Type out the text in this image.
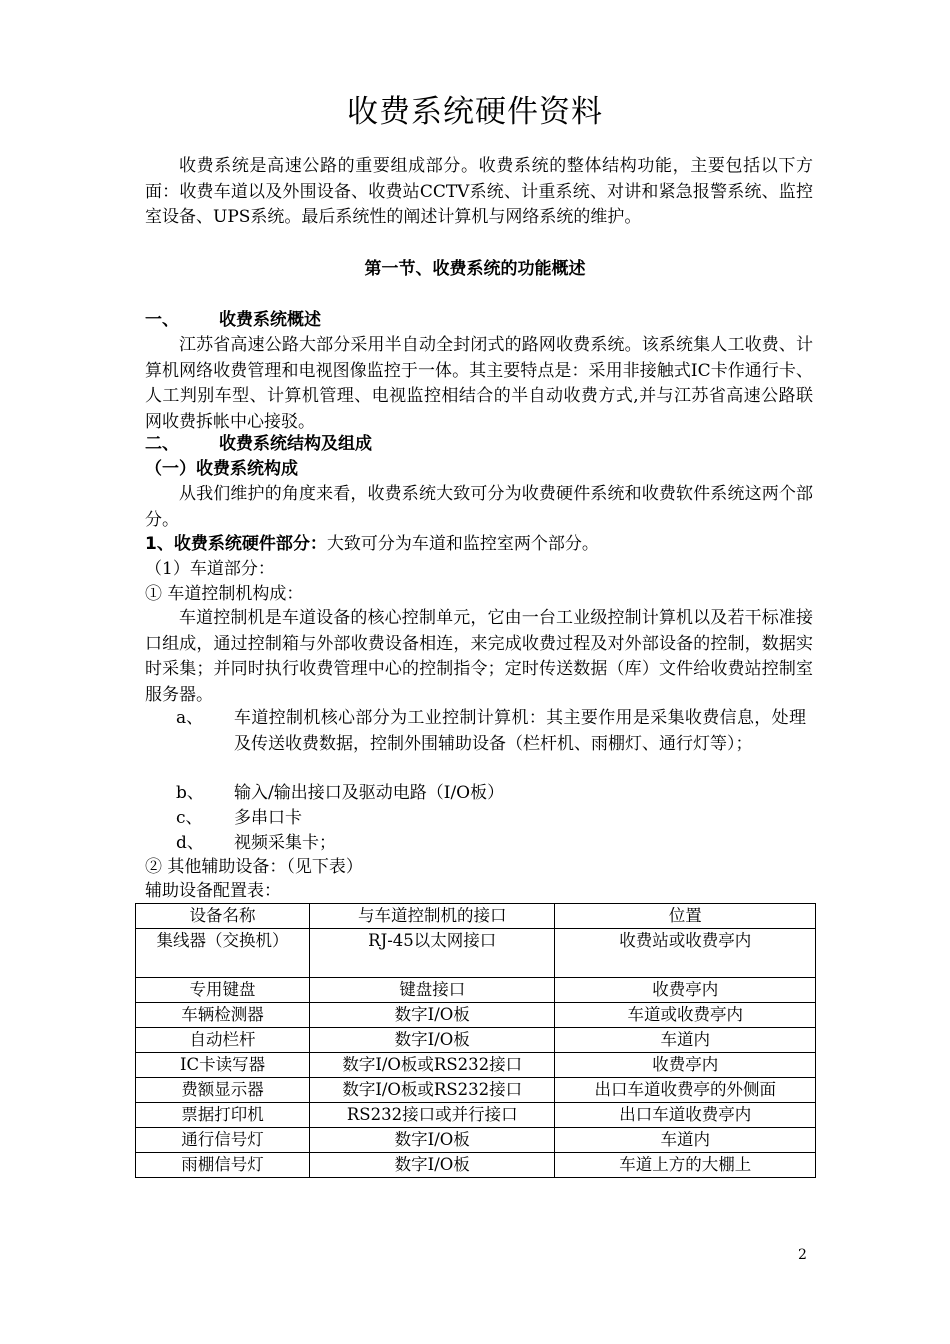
收费系统硬件资料

收费系统是高速公路的重要组成部分。收费系统的整体结构功能，主要包括以下方面：收费车道以及外围设备、收费站CCTV系统、计重系统、对讲和紧急报警系统、监控室设备、UPS系统。最后系统性的阐述计算机与网络系统的维护。

第一节、收费系统的功能概述

一、 收费系统概述

江苏省高速公路大部分采用半自动全封闭式的路网收费系统。该系统集人工收费、计算机网络收费管理和电视图像监控于一体。其主要特点是：采用非接触式IC卡作通行卡、人工判别车型、计算机管理、电视监控相结合的半自动收费方式,并与江苏省高速公路联网收费拆帐中心接驳。

二、 收费系统结构及组成

（一）收费系统构成

从我们维护的角度来看，收费系统大致可分为收费硬件系统和收费软件系统这两个部分。

1、收费系统硬件部分：大致可分为车道和监控室两个部分。

（1）车道部分：

① 车道控制机构成：

车道控制机是车道设备的核心控制单元，它由一台工业级控制计算机以及若干标准接口组成，通过控制箱与外部收费设备相连，来完成收费过程及对外部设备的控制，数据实时采集；并同时执行收费管理中心的控制指令；定时传送数据（库）文件给收费站控制室服务器。

a、 车道控制机核心部分为工业控制计算机：其主要作用是采集收费信息，处理及传送收费数据，控制外围辅助设备（栏杆机、雨棚灯、通行灯等）；

b、 输入/输出接口及驱动电路（I/O板）

c、 多串口卡

d、 视频采集卡；

② 其他辅助设备：（见下表）

辅助设备配置表：

设备名称	与车道控制机的接口	位置
集线器（交换机）	RJ-45以太网接口	收费站或收费亭内
专用键盘	键盘接口	收费亭内
车辆检测器	数字I/O板	车道或收费亭内
自动栏杆	数字I/O板	车道内
IC卡读写器	数字I/O板或RS232接口	收费亭内
费额显示器	数字I/O板或RS232接口	出口车道收费亭的外侧面
票据打印机	RS232接口或并行接口	出口车道收费亭内
通行信号灯	数字I/O板	车道内
雨棚信号灯	数字I/O板	车道上方的大棚上
2
